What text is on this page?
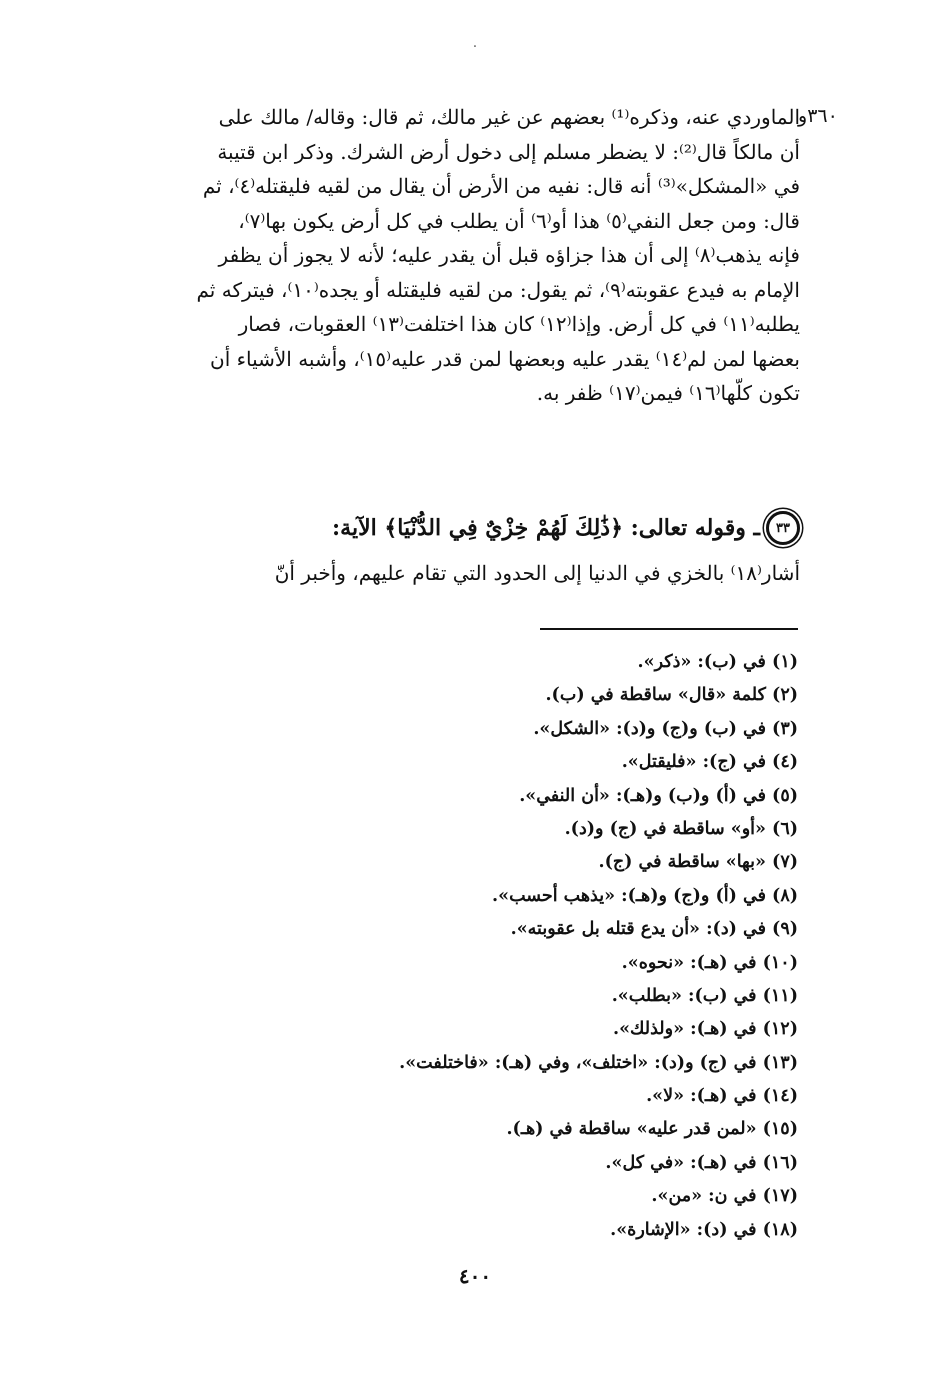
·
٣٦٠و
الماوردي عنه، وذكره⁽¹⁾ بعضهم عن غير مالك، ثم قال: وقاله/ مالك على
أن مالكاً قال⁽²⁾: لا يضطر مسلم إلى دخول أرض الشرك. وذكر ابن قتيبة
في «المشكل»⁽³⁾ أنه قال: نفيه من الأرض أن يقال من لقيه فليقتله⁽٤⁾، ثم
قال: ومن جعل النفي⁽٥⁾ هذا أو⁽٦⁾ أن يطلب في كل أرض يكون بها⁽٧⁾،
فإنه يذهب⁽٨⁾ إلى أن هذا جزاؤه قبل أن يقدر عليه؛ لأنه لا يجوز أن يظفر
الإمام به فيدع عقوبته⁽٩⁾، ثم يقول: من لقيه فليقتله أو يجده⁽١٠⁾، فيتركه ثم
يطلبه⁽١١⁾ في كل أرض. وإذا⁽١٢⁾ كان هذا اختلفت⁽١٣⁾ العقوبات، فصار
بعضها لمن لم⁽١٤⁾ يقدر عليه وبعضها لمن قدر عليه⁽١٥⁾، وأشبه الأشياء أن
تكون كلّها⁽١٦⁾ فيمن⁽١٧⁾ ظفر به.
٣٣
ـ وقوله تعالى: ﴿ذَٰلِكَ لَهُمْ خِزْيٌ فِي الدُّنْيَا﴾ الآية:
أشار⁽١٨⁾ بالخزي في الدنيا إلى الحدود التي تقام عليهم، وأخبر أنّ
(١) في (ب): «ذكر».
(٢) كلمة «قال» ساقطة في (ب).
(٣) في (ب) و(ج) و(د): «الشكل».
(٤) في (ج): «فليقتل».
(٥) في (أ) و(ب) و(هـ): «أن النفي».
(٦) «أو» ساقطة في (ج) و(د).
(٧) «بها» ساقطة في (ج).
(٨) في (أ) و(ج) و(هـ): «يذهب أحسب».
(٩) في (د): «أن يدع قتله بل عقوبته».
(١٠) في (هـ): «نحوه».
(١١) في (ب): «بطلب».
(١٢) في (هـ): «ولذلك».
(١٣) في (ج) و(د): «اختلف»، وفي (هـ): «فاختلفت».
(١٤) في (هـ): «لا».
(١٥) «لمن قدر عليه» ساقطة في (هـ).
(١٦) في (هـ): «في كل».
(١٧) في ن: «من».
(١٨) في (د): «الإشارة».
٤٠٠
